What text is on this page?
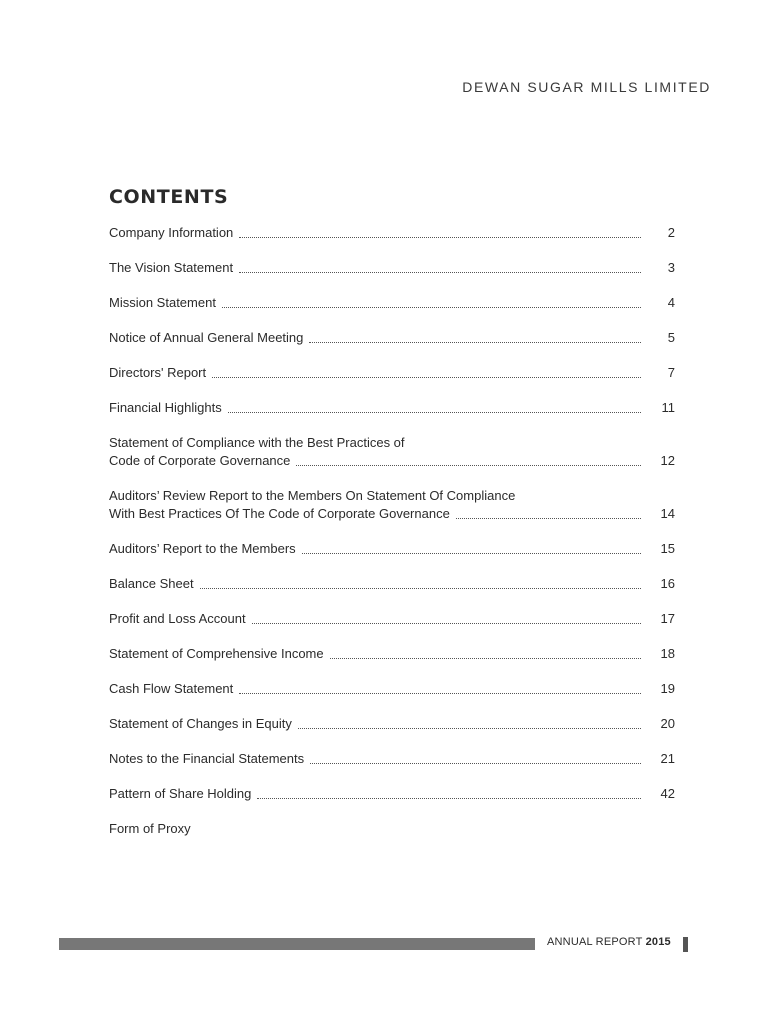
DEWAN SUGAR MILLS LIMITED
CONTENTS
Company Information	2
The Vision Statement	3
Mission Statement	4
Notice of Annual General Meeting	5
Directors' Report	7
Financial Highlights	11
Statement of Compliance with the Best Practices of
Code of Corporate Governance	12
Auditors’ Review Report to the Members On Statement Of Compliance
With Best Practices Of The Code of Corporate Governance	14
Auditors’ Report to the Members	15
Balance Sheet	16
Profit and Loss Account	17
Statement of Comprehensive Income	18
Cash Flow Statement	19
Statement of Changes in Equity	20
Notes to the Financial Statements	21
Pattern of Share Holding	42
Form of Proxy
ANNUAL REPORT 2015
